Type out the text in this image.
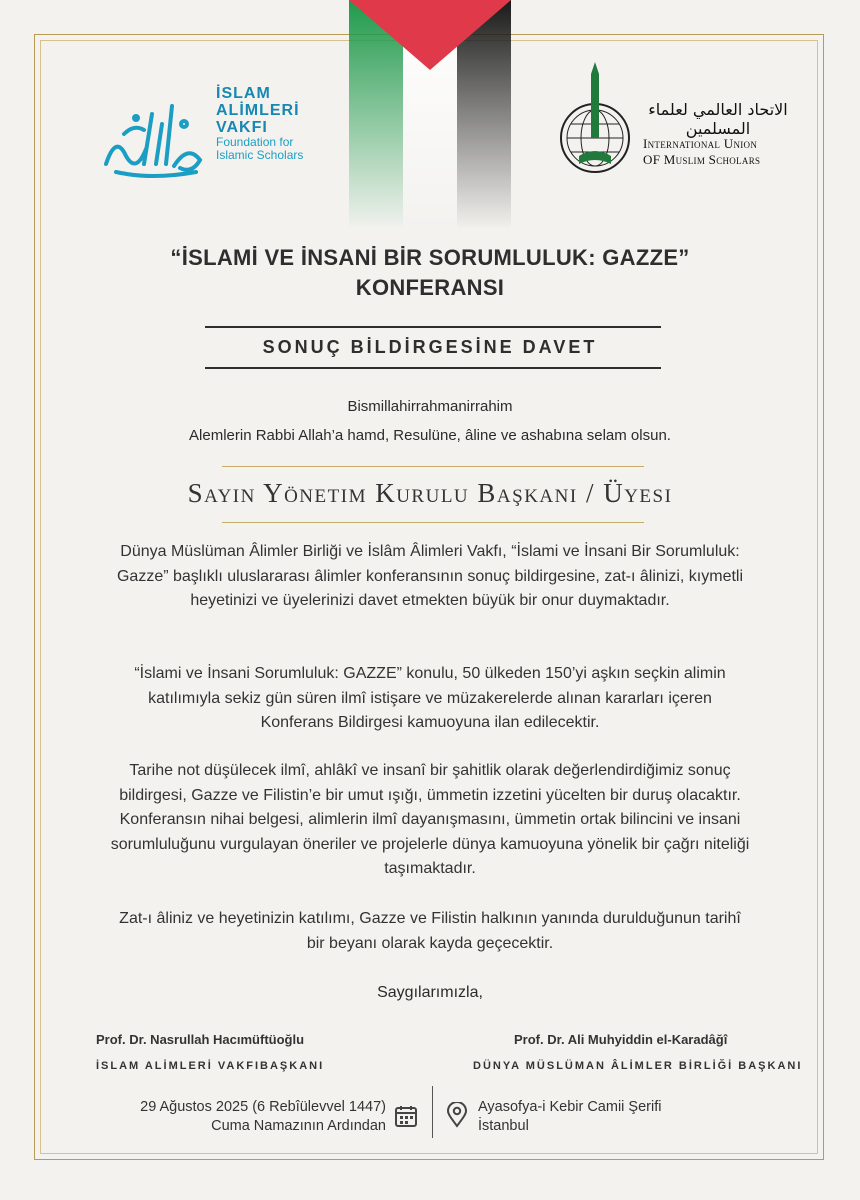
İSLAM
ALİMLERİ
VAKFI
Foundation for
Islamic Scholars
الاتحاد العالمي لعلماء المسلمين
International Union
OF Muslim Scholars
“İSLAMİ VE İNSANİ BİR SORUMLULUK: GAZZE”
KONFERANSI
SONUÇ BİLDİRGESİNE DAVET
Bismillahirrahmanirrahim
Alemlerin Rabbi Allah’a hamd, Resulüne, âline ve ashabına selam olsun.
Sayın Yönetim Kurulu Başkanı / Üyesi
Dünya Müslüman Âlimler Birliği ve İslâm Âlimleri Vakfı, “İslami ve İnsani Bir Sorumluluk: Gazze” başlıklı uluslararası âlimler konferansının sonuç bildirgesine, zat-ı âlinizi, kıymetli heyetinizi ve üyelerinizi davet etmekten büyük bir onur duymaktadır.
“İslami ve İnsani Sorumluluk: GAZZE” konulu, 50 ülkeden 150’yi aşkın seçkin alimin katılımıyla sekiz gün süren ilmî istişare ve müzakerelerde alınan kararları içeren Konferans Bildirgesi kamuoyuna ilan edilecektir.
Tarihe not düşülecek ilmî, ahlâkî ve insanî bir şahitlik olarak değerlendirdiğimiz sonuç bildirgesi, Gazze ve Filistin’e bir umut ışığı, ümmetin izzetini yücelten bir duruş olacaktır. Konferansın nihai belgesi, alimlerin ilmî dayanışmasını, ümmetin ortak bilincini ve insani sorumluluğunu vurgulayan öneriler ve projelerle dünya kamuoyuna yönelik bir çağrı niteliği taşımaktadır.
Zat-ı âliniz ve heyetinizin katılımı, Gazze ve Filistin halkının yanında durulduğunun tarihî bir beyanı olarak kayda geçecektir.
Saygılarımızla,
Prof. Dr. Nasrullah Hacımüftüoğlu
İSLAM ALİMLERİ VAKFIBAŞKANI
Prof. Dr. Ali Muhyiddin el-Karadâğî
DÜNYA MÜSLÜMAN ÂLİMLER BİRLİĞİ BAŞKANI
29 Ağustos 2025 (6 Rebîülevvel 1447)
Cuma Namazının Ardından
Ayasofya-i Kebir Camii Şerifi
İstanbul
